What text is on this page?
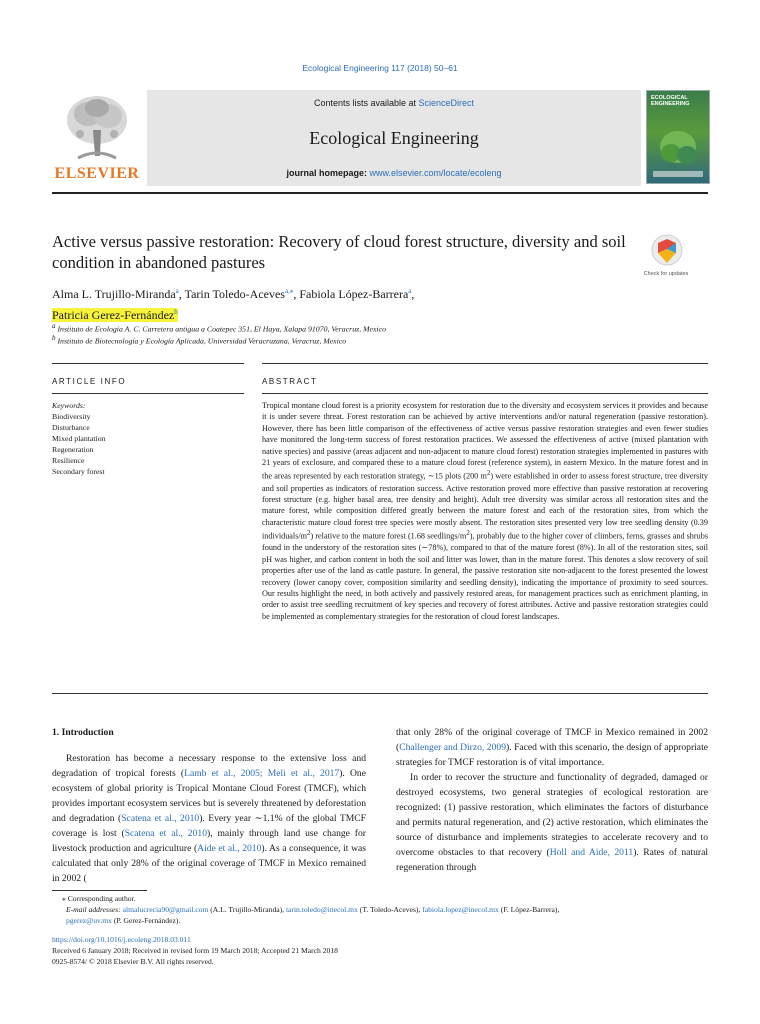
Ecological Engineering 117 (2018) 50–61
ELSEVIER
Contents lists available at ScienceDirect
Ecological Engineering
journal homepage: www.elsevier.com/locate/ecoleng
ECOLOGICAL ENGINEERING
Active versus passive restoration: Recovery of cloud forest structure, diversity and soil condition in abandoned pastures
Check for updates
Alma L. Trujillo-Miranda$^a$, Tarin Toledo-Aceves$^{a,⁎}$, Fabiola López-Barrera$^a$,
Patricia Gerez-Fernández$^b$
$^a$ Instituto de Ecología A. C. Carretera antigua a Coatepec 351, El Haya, Xalapa 91070, Veracruz, Mexico
$^b$ Instituto de Biotecnología y Ecología Aplicada, Universidad Veracruzana, Veracruz, Mexico
ARTICLE INFO	ABSTRACT
Keywords:
Biodiversity
Disturbance
Mixed plantation
Regeneration
Resilience
Secondary forest
Tropical montane cloud forest is a priority ecosystem for restoration due to the diversity and ecosystem services it provides and because it is under severe threat. Forest restoration can be achieved by active interventions and/or natural regeneration (passive restoration). However, there has been little comparison of the effectiveness of active versus passive restoration strategies and even fewer studies have monitored the long-term success of forest restoration practices. We assessed the effectiveness of active (mixed plantation with native species) and passive (areas adjacent and non-adjacent to mature cloud forest) restoration strategies implemented in pastures with 21 years of exclosure, and compared these to a mature cloud forest (reference system), in eastern Mexico. In the mature forest and in the areas represented by each restoration strategy, ∼15 plots (200 $m^2$) were established in order to assess forest structure, tree diversity and soil properties as indicators of restoration success. Active restoration proved more effective than passive restoration at recovering forest structure (e.g. higher basal area, tree density and height). Adult tree diversity was similar across all restoration sites and the mature forest, while composition differed greatly between the mature forest and each of the restoration sites, from which the characteristic mature cloud forest tree species were mostly absent. The restoration sites presented very low tree seedling density (0.39 individuals/$m^2$) relative to the mature forest (1.68 seedlings/$m^2$), probably due to the higher cover of climbers, ferns, grasses and shrubs found in the understory of the restoration sites (∼78%), compared to that of the mature forest (8%). In all of the restoration sites, soil pH was higher, and carbon content in both the soil and litter was lower, than in the mature forest. This denotes a slow recovery of soil properties after use of the land as cattle pasture. In general, the passive restoration site non-adjacent to the forest presented the lowest recovery (lower canopy cover, composition similarity and seedling density), indicating the importance of proximity to seed sources. Our results highlight the need, in both actively and passively restored areas, for management practices such as enrichment planting, in order to assist tree seedling recruitment of key species and recovery of forest attributes. Active and passive restoration strategies could be implemented as complementary strategies for the restoration of cloud forest landscapes.
1. Introduction

Restoration has become a necessary response to the extensive loss and degradation of tropical forests (Lamb et al., 2005; Meli et al., 2017). One ecosystem of global priority is Tropical Montane Cloud Forest (TMCF), which provides important ecosystem services but is severely threatened by deforestation and degradation (Scatena et al., 2010). Every year ∼1.1% of the global TMCF coverage is lost (Scatena et al., 2010), mainly through land use change for livestock production and agriculture (Aide et al., 2010). As a consequence, it was calculated that only 28% of the original coverage of TMCF in Mexico remained in 2002 (

that only 28% of the original coverage of TMCF in Mexico remained in 2002 (Challenger and Dirzo, 2009). Faced with this scenario, the design of appropriate strategies for TMCF restoration is of vital importance.

In order to recover the structure and functionality of degraded, damaged or destroyed ecosystems, two general strategies of ecological restoration are recognized: (1) passive restoration, which eliminates the factors of disturbance and permits natural regeneration, and (2) active restoration, which eliminates the source of disturbance and implements strategies to accelerate recovery and to overcome obstacles to that recovery (Holl and Aide, 2011). Rates of natural regeneration through

⁎ Corresponding author.
E-mail addresses: almalucrecia90@gmail.com (A.L. Trujillo-Miranda), tarin.toledo@inecol.mx (T. Toledo-Aceves), fabiola.lopez@inecol.mx (F. López-Barrera),
pgerez@uv.mx (P. Gerez-Fernández).
https://doi.org/10.1016/j.ecoleng.2018.03.011
Received 6 January 2018; Received in revised form 19 March 2018; Accepted 21 March 2018
0925-8574/ © 2018 Elsevier B.V. All rights reserved.
